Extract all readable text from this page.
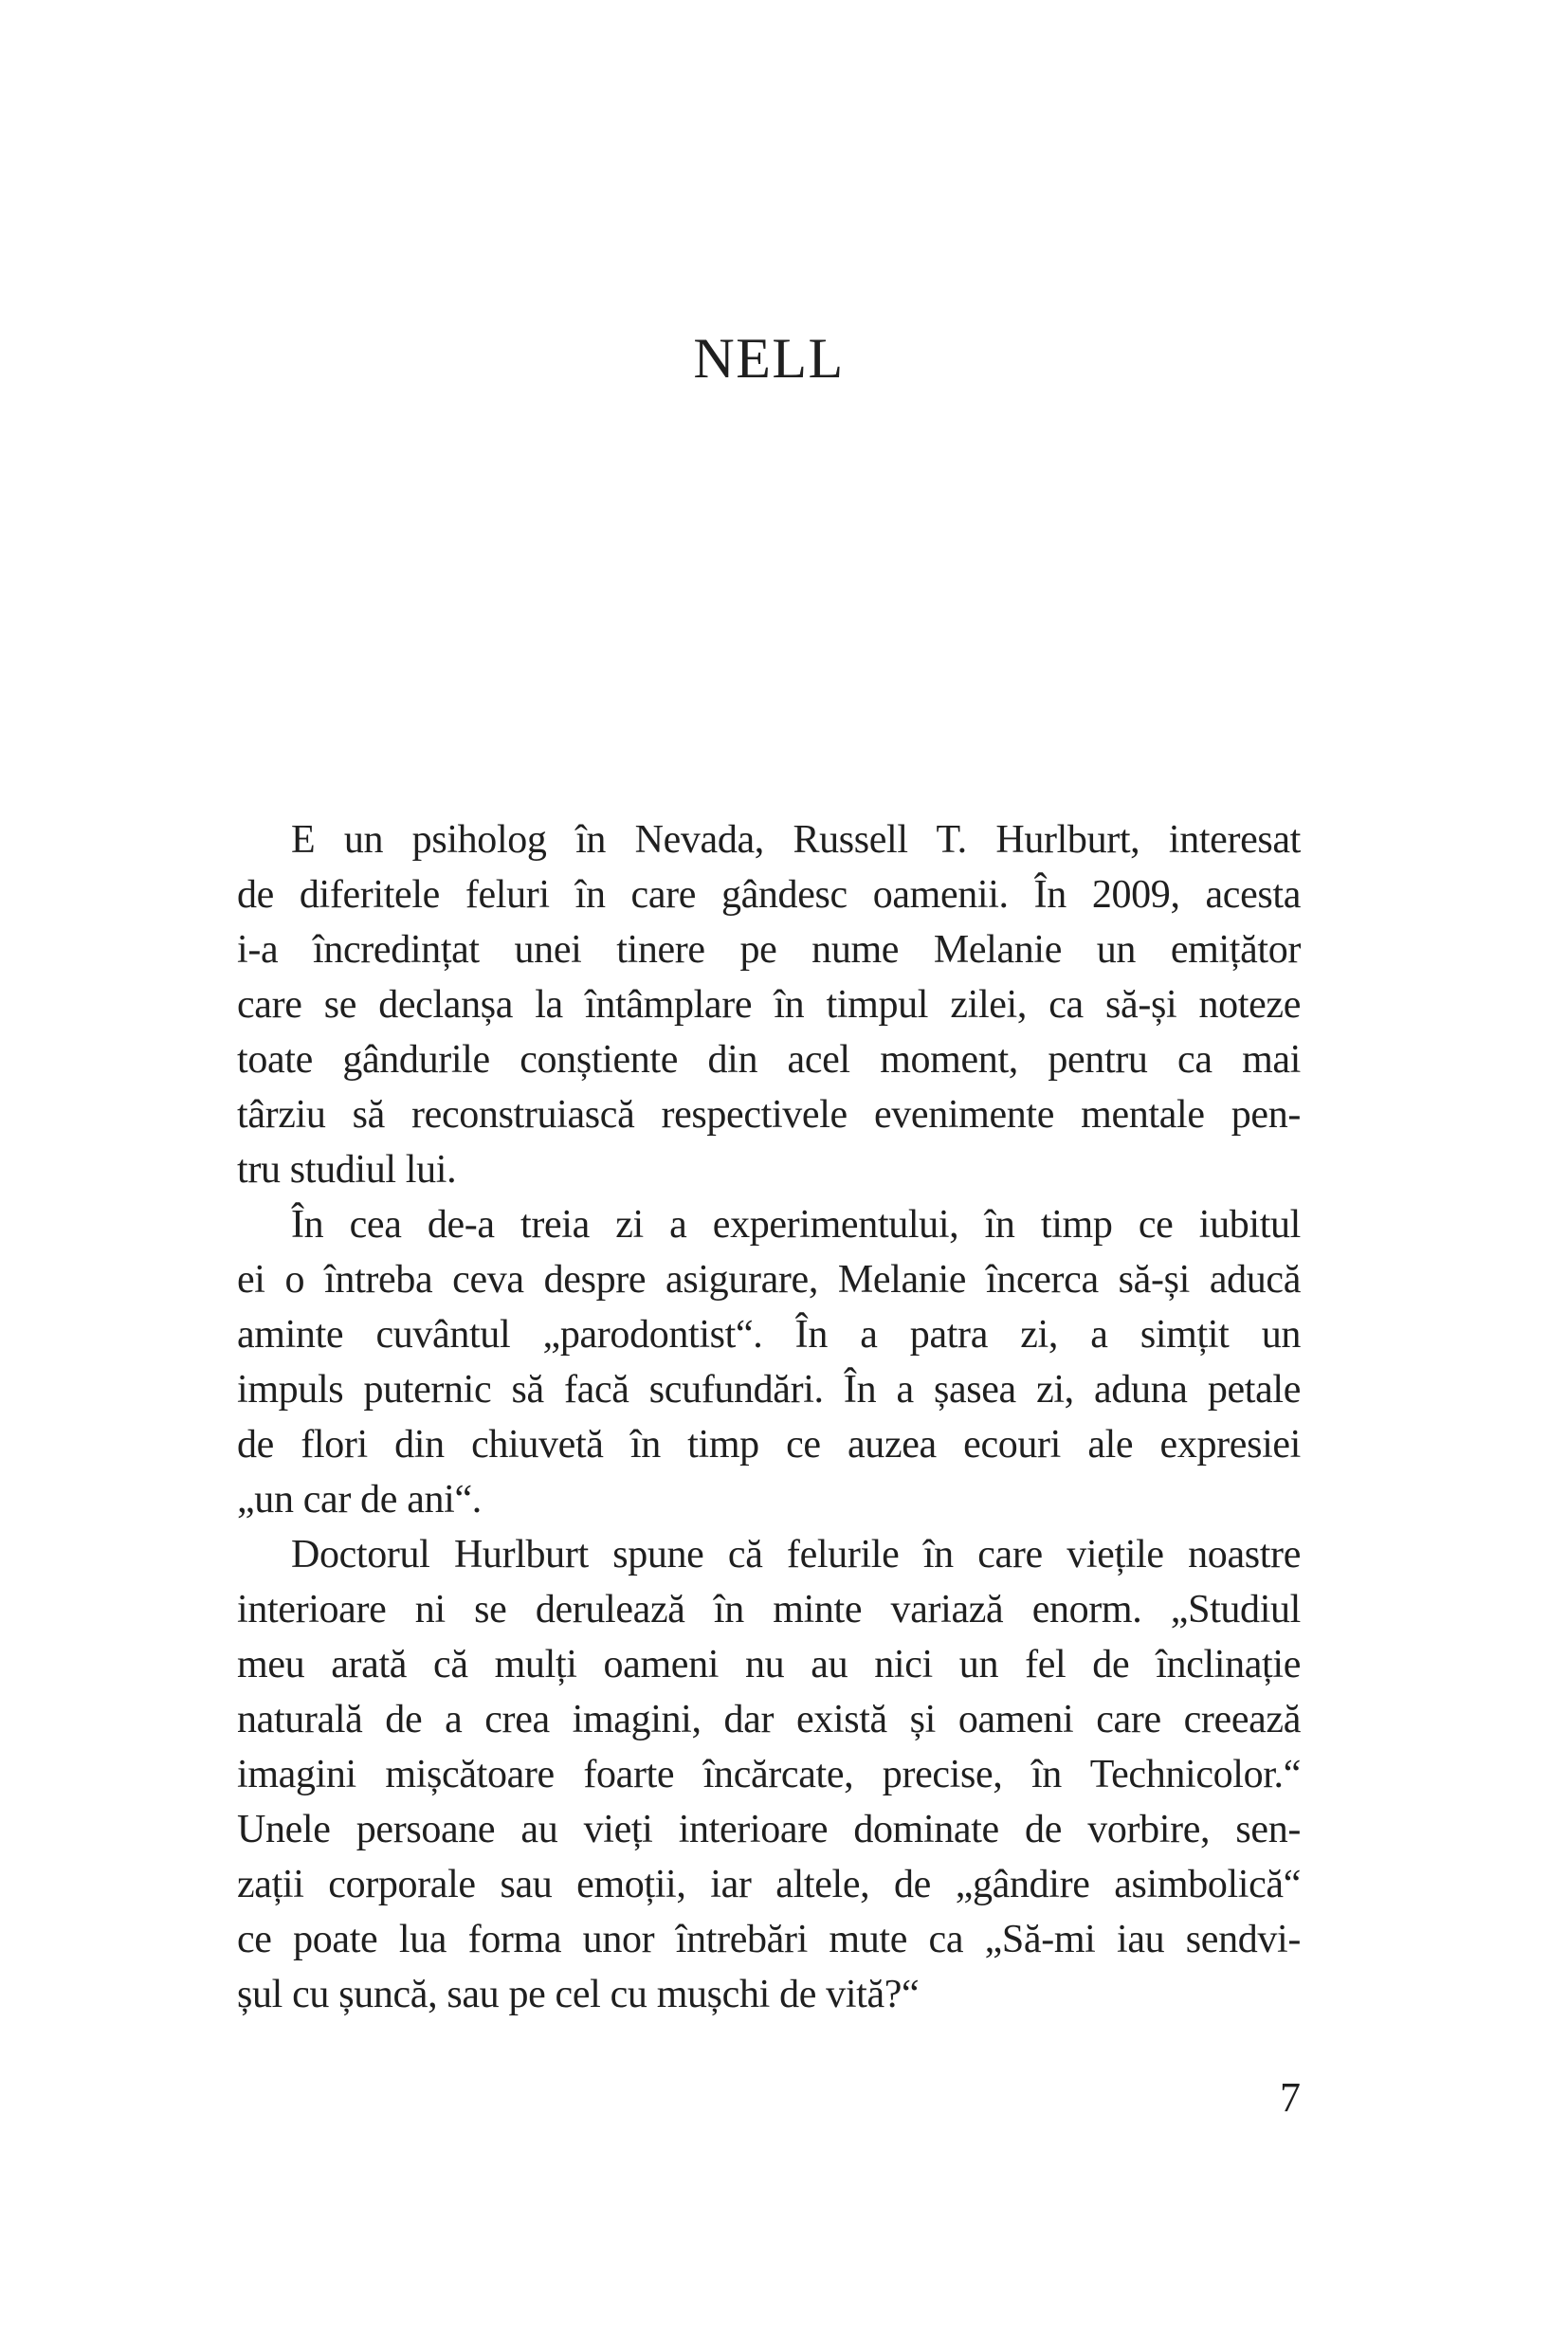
NELL
E un psiholog în Nevada, Russell T. Hurlburt, interesat
de diferitele feluri în care gândesc oamenii. În 2009, acesta
i-a încredințat unei tinere pe nume Melanie un emițător
care se declanșa la întâmplare în timpul zilei, ca să-și noteze
toate gândurile conștiente din acel moment, pentru ca mai
târziu să reconstruiască respectivele evenimente mentale pen-
tru studiul lui.
În cea de-a treia zi a experimentului, în timp ce iubitul
ei o întreba ceva despre asigurare, Melanie încerca să-și aducă
aminte cuvântul „parodontist“. În a patra zi, a simțit un
impuls puternic să facă scufundări. În a șasea zi, aduna petale
de flori din chiuvetă în timp ce auzea ecouri ale expresiei
„un car de ani“.
Doctorul Hurlburt spune că felurile în care viețile noastre
interioare ni se derulează în minte variază enorm. „Studiul
meu arată că mulți oameni nu au nici un fel de înclinație
naturală de a crea imagini, dar există și oameni care creează
imagini mișcătoare foarte încărcate, precise, în Technicolor.“
Unele persoane au vieți interioare dominate de vorbire, sen-
zații corporale sau emoții, iar altele, de „gândire asimbolică“
ce poate lua forma unor întrebări mute ca „Să-mi iau sendvi-
șul cu șuncă, sau pe cel cu mușchi de vită?“
7
